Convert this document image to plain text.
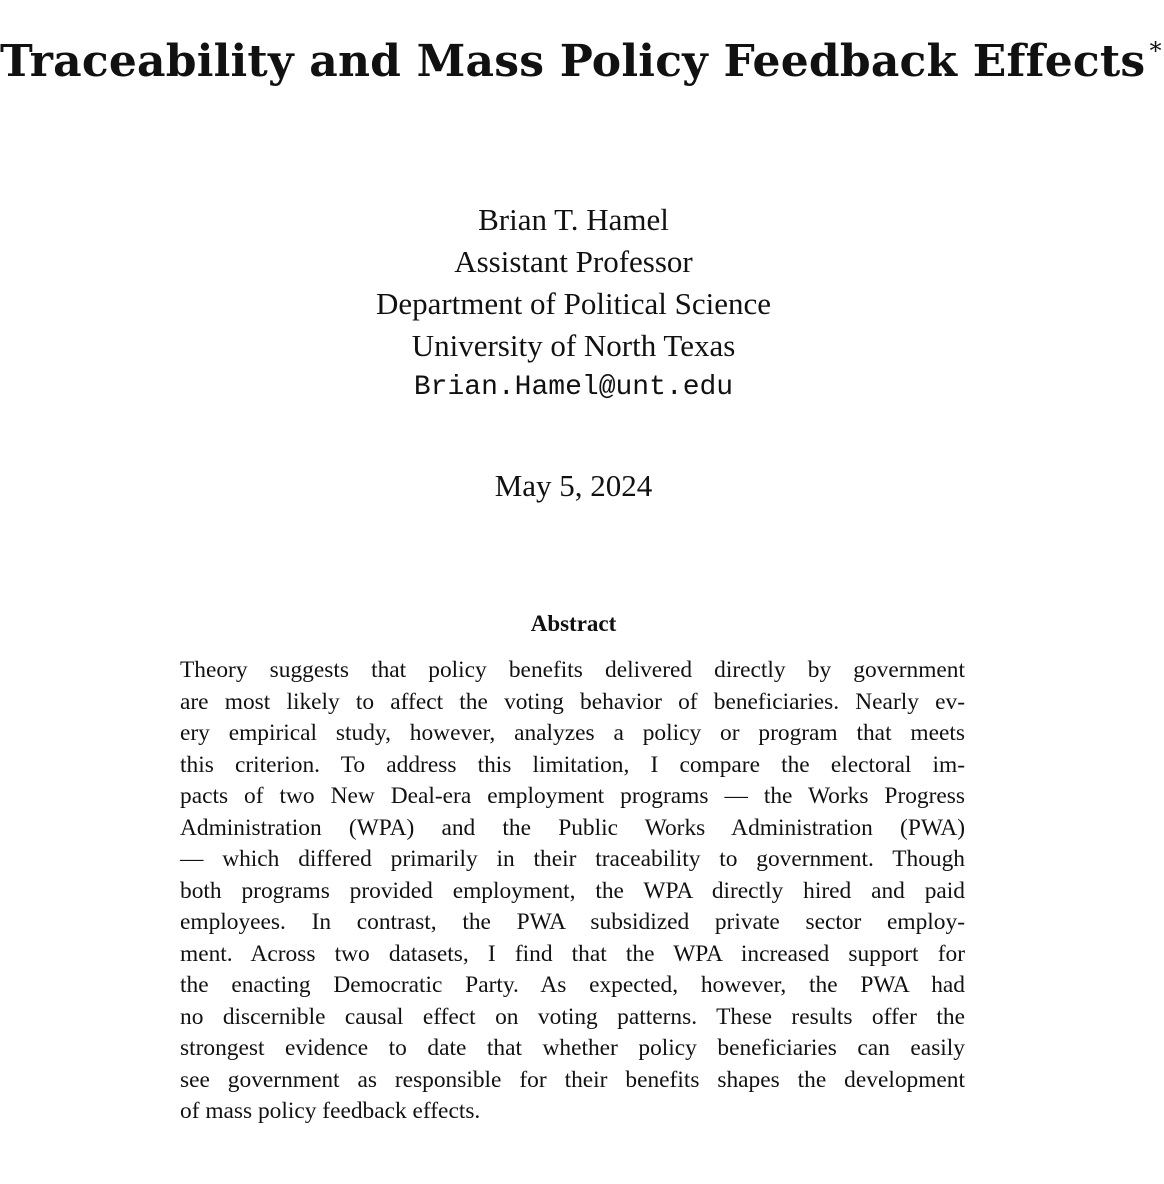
Traceability and Mass Policy Feedback Effects∗
Brian T. Hamel
Assistant Professor
Department of Political Science
University of North Texas
Brian.Hamel@unt.edu
May 5, 2024
Abstract
Theory suggests that policy benefits delivered directly by government
are most likely to affect the voting behavior of beneficiaries. Nearly ev-
ery empirical study, however, analyzes a policy or program that meets
this criterion. To address this limitation, I compare the electoral im-
pacts of two New Deal-era employment programs — the Works Progress
Administration (WPA) and the Public Works Administration (PWA)
— which differed primarily in their traceability to government. Though
both programs provided employment, the WPA directly hired and paid
employees. In contrast, the PWA subsidized private sector employ-
ment. Across two datasets, I find that the WPA increased support for
the enacting Democratic Party. As expected, however, the PWA had
no discernible causal effect on voting patterns. These results offer the
strongest evidence to date that whether policy beneficiaries can easily
see government as responsible for their benefits shapes the development
of mass policy feedback effects.
